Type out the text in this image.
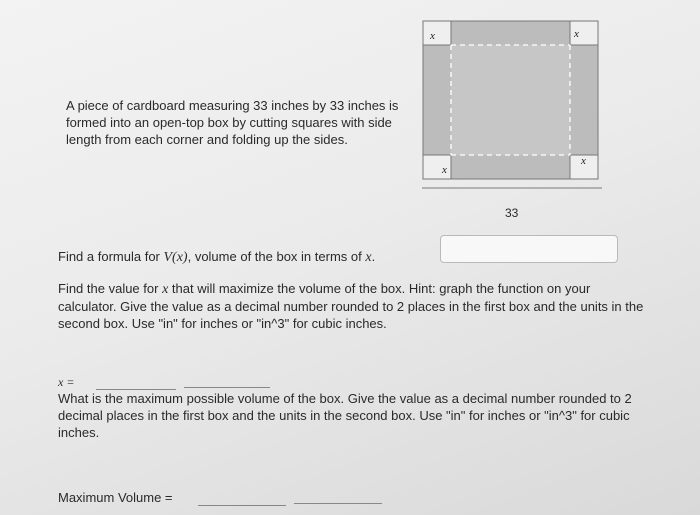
A piece of cardboard measuring 33 inches by 33 inches is formed into an open-top box by cutting squares with side length from each corner and folding up the sides.
x	x
x
x
33
Find a formula for V(x), volume of the box in terms of x.
Find the value for x that will maximize the volume of the box. Hint: graph the function on your calculator. Give the value as a decimal number rounded to 2 places in the first box and the units in the second box. Use "in" for inches or "in^3" for cubic inches.
x =
What is the maximum possible volume of the box. Give the value as a decimal number rounded to 2 decimal places in the first box and the units in the second box. Use "in" for inches or "in^3" for cubic inches.
Maximum Volume =
